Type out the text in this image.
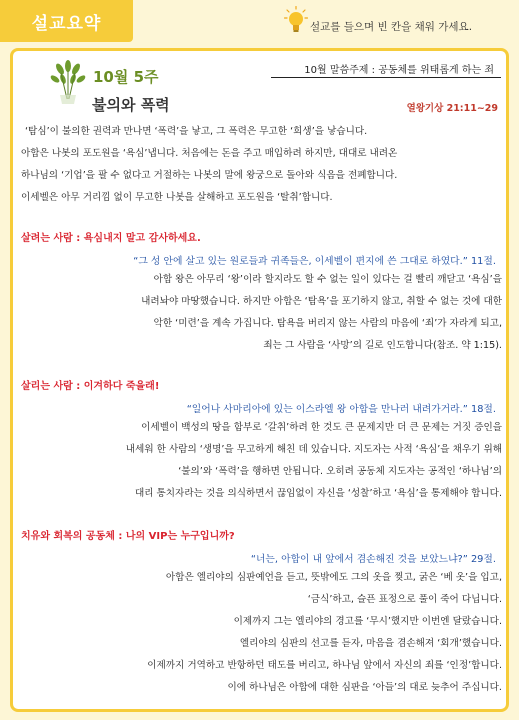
설교요약	설교를 들으며 빈 칸을 채워 가세요.
10월 5주
불의와 폭력
10월 말씀주제 : 공동체를 위태롭게 하는 죄
열왕기상 21:11~29

‘탐심’이 불의한 권력과 만나면 ‘폭력’을 낳고, 그 폭력은 무고한 ‘희생’을 낳습니다.

아합은 나봇의 포도원을 ‘욕심’냅니다. 처음에는 돈을 주고 매입하려 하지만, 대대로 내려온

하나님의 ‘기업’을 팔 수 없다고 거절하는 나봇의 말에 왕궁으로 돌아와 식음을 전폐합니다.

이세벨은 아무 거리낌 없이 무고한 나봇을 살해하고 포도원을 ‘탈취’합니다.

살려는 사람 : 욕심내지 말고 감사하세요.
“그 성 안에 살고 있는 원로들과 귀족들은, 이세벨이 편지에 쓴 그대로 하였다.” 11절.

아합 왕은 아무리 ‘왕’이라 할지라도 할 수 없는 일이 있다는 걸 빨리 깨닫고 ‘욕심’을

내려놔야 마땅했습니다. 하지만 아합은 ‘탐욕’을 포기하지 않고, 취할 수 없는 것에 대한

악한 ‘미련’을 계속 가집니다. 탐욕을 버리지 않는 사람의 마음에 ‘죄’가 자라게 되고,

죄는 그 사람을 ‘사망’의 길로 인도합니다(참조. 약 1:15).

살리는 사람 : 이겨하다 죽을래!
“일어나 사마리아에 있는 이스라엘 왕 아합을 만나러 내려가거라.” 18절.

이세벨이 백성의 땅을 함부로 ‘갈취’하려 한 것도 큰 문제지만 더 큰 문제는 거짓 증인을

내세워 한 사람의 ‘생명’을 무고하게 해친 데 있습니다. 지도자는 사적 ‘욕심’을 채우기 위해

‘불의’와 ‘폭력’을 행하면 안됩니다. 오히려 공동체 지도자는 공적인 ‘하나님’의

대리 통치자라는 것을 의식하면서 끊임없이 자신을 ‘성찰’하고 ‘욕심’을 통제해야 합니다.

치유와 회복의 공동체 : 나의 VIP는 누구입니까?
“너는, 아합이 내 앞에서 겸손해진 것을 보았느냐?” 29절.

아합은 엘리야의 심판예언을 듣고, 뜻밖에도 그의 옷을 찢고, 굵은 ‘베 옷’을 입고,

‘금식’하고, 슬픈 표정으로 풀이 죽어 다닙니다.

이제까지 그는 엘리야의 경고를 ‘무시’했지만 이번엔 달랐습니다.

엘리야의 심판의 선고를 듣자, 마음을 겸손해져 ‘회개’했습니다.

이제까지 거역하고 반항하던 태도를 버리고, 하나님 앞에서 자신의 죄를 ‘인정’합니다.

이에 하나님은 아합에 대한 심판을 ‘아들’의 대로 늦추어 주십니다.
